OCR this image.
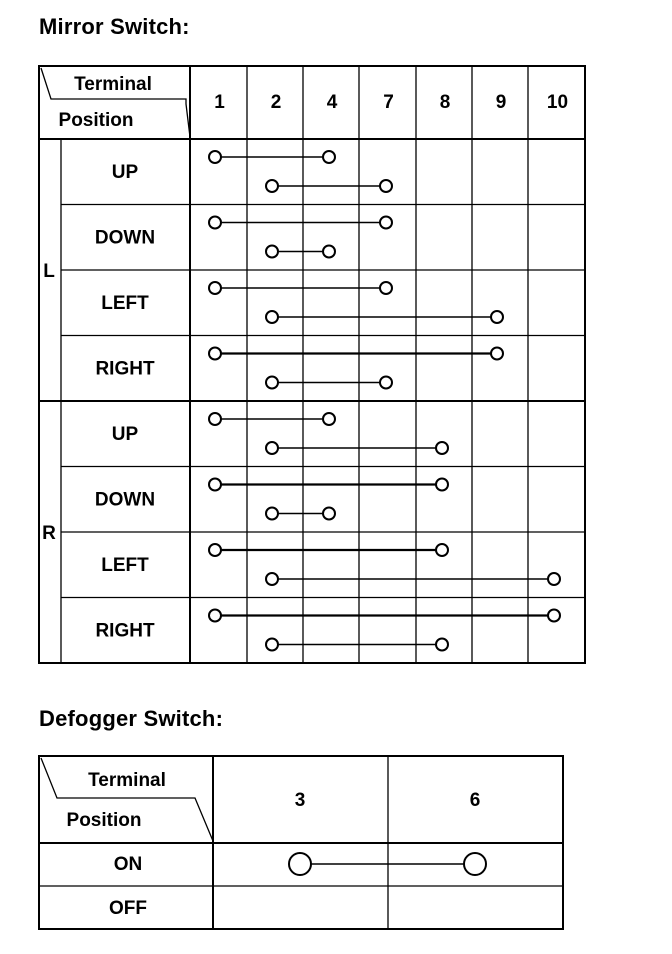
Mirror Switch:
Defogger Switch:
Terminal
Position
1 2 4 7 8 9 10
L
UP
DOWN
LEFT
RIGHT
R
UP
DOWN
LEFT
RIGHT
Terminal
Position
3	6
ON
OFF
